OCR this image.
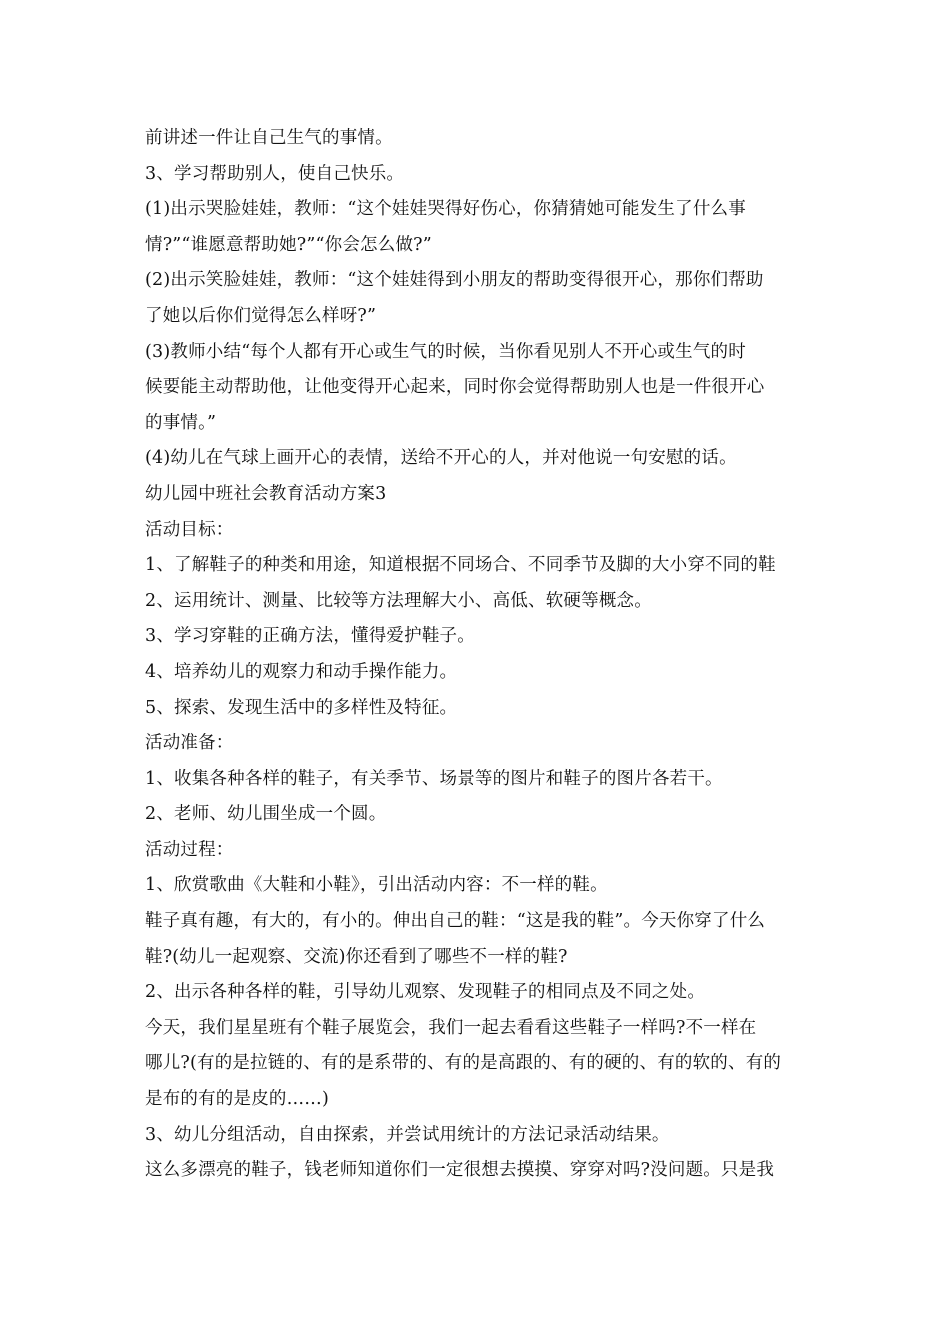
前讲述一件让自己生气的事情。
3、学习帮助别人，使自己快乐。
(1)出示哭脸娃娃，教师：“这个娃娃哭得好伤心，你猜猜她可能发生了什么事
情?”“谁愿意帮助她?”“你会怎么做?”
(2)出示笑脸娃娃，教师：“这个娃娃得到小朋友的帮助变得很开心，那你们帮助
了她以后你们觉得怎么样呀?”
(3)教师小结“每个人都有开心或生气的时候，当你看见别人不开心或生气的时
候要能主动帮助他，让他变得开心起来，同时你会觉得帮助别人也是一件很开心
的事情。”
(4)幼儿在气球上画开心的表情，送给不开心的人，并对他说一句安慰的话。
幼儿园中班社会教育活动方案3
活动目标：
1、了解鞋子的种类和用途，知道根据不同场合、不同季节及脚的大小穿不同的鞋
2、运用统计、测量、比较等方法理解大小、高低、软硬等概念。
3、学习穿鞋的正确方法，懂得爱护鞋子。
4、培养幼儿的观察力和动手操作能力。
5、探索、发现生活中的多样性及特征。
活动准备：
1、收集各种各样的鞋子，有关季节、场景等的图片和鞋子的图片各若干。
2、老师、幼儿围坐成一个圆。
活动过程：
1、欣赏歌曲《大鞋和小鞋》，引出活动内容：不一样的鞋。
鞋子真有趣，有大的，有小的。伸出自己的鞋：“这是我的鞋”。今天你穿了什么
鞋?(幼儿一起观察、交流)你还看到了哪些不一样的鞋?
2、出示各种各样的鞋，引导幼儿观察、发现鞋子的相同点及不同之处。
今天，我们星星班有个鞋子展览会，我们一起去看看这些鞋子一样吗?不一样在
哪儿?(有的是拉链的、有的是系带的、有的是高跟的、有的硬的、有的软的、有的
是布的有的是皮的……)
3、幼儿分组活动，自由探索，并尝试用统计的方法记录活动结果。
这么多漂亮的鞋子，钱老师知道你们一定很想去摸摸、穿穿对吗?没问题。只是我
